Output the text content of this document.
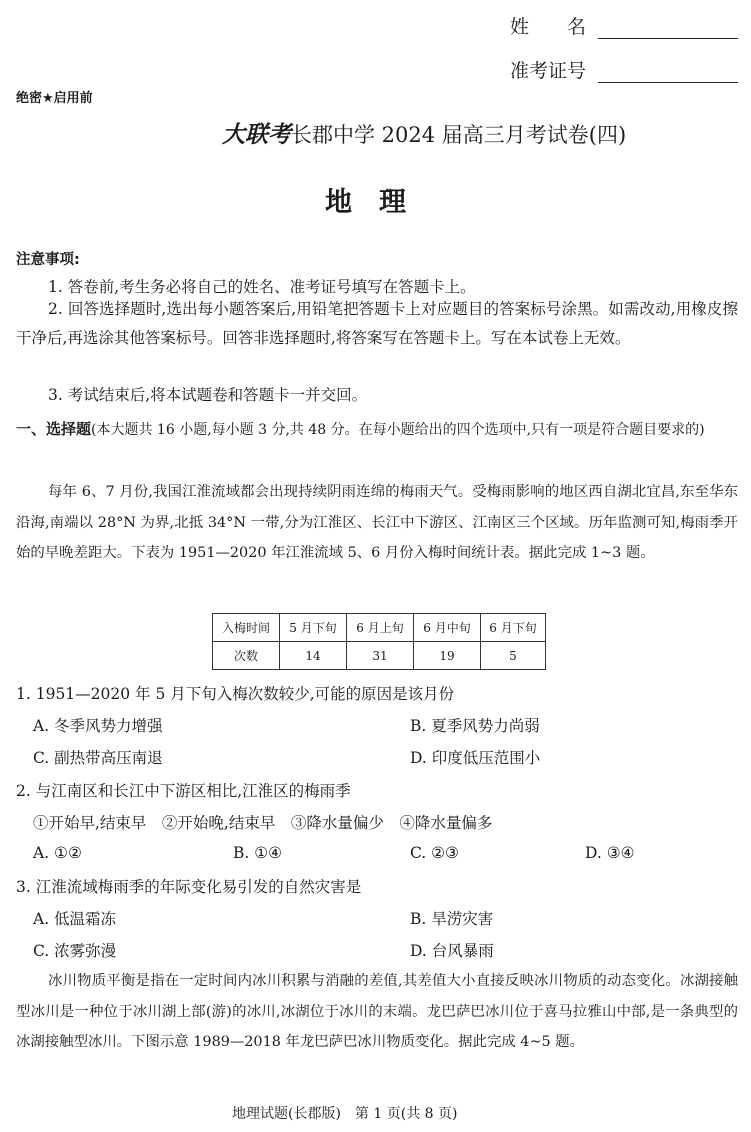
姓　　名
准考证号
绝密★启用前
大联考长郡中学 2024 届高三月考试卷(四)
地　理
注意事项:
1. 答卷前,考生务必将自己的姓名、准考证号填写在答题卡上。
2. 回答选择题时,选出每小题答案后,用铅笔把答题卡上对应题目的答案标号涂黑。如需改动,用橡皮擦干净后,再选涂其他答案标号。回答非选择题时,将答案写在答题卡上。写在本试卷上无效。
3. 考试结束后,将本试题卷和答题卡一并交回。
一、选择题(本大题共 16 小题,每小题 3 分,共 48 分。在每小题给出的四个选项中,只有一项是符合题目要求的)
每年 6、7 月份,我国江淮流域都会出现持续阴雨连绵的梅雨天气。受梅雨影响的地区西自湖北宜昌,东至华东沿海,南端以 28°N 为界,北抵 34°N 一带,分为江淮区、长江中下游区、江南区三个区域。历年监测可知,梅雨季开始的早晚差距大。下表为 1951—2020 年江淮流域 5、6 月份入梅时间统计表。据此完成 1~3 题。
入梅时间	5 月下旬	6 月上旬	6 月中旬	6 月下旬
次数	14	31	19	5
1. 1951—2020 年 5 月下旬入梅次数较少,可能的原因是该月份
A. 冬季风势力增强	B. 夏季风势力尚弱
C. 副热带高压南退	D. 印度低压范围小
2. 与江南区和长江中下游区相比,江淮区的梅雨季
①开始早,结束早　②开始晚,结束早　③降水量偏少　④降水量偏多
A. ①②	B. ①④	C. ②③	D. ③④
3. 江淮流域梅雨季的年际变化易引发的自然灾害是
A. 低温霜冻	B. 旱涝灾害
C. 浓雾弥漫	D. 台风暴雨
冰川物质平衡是指在一定时间内冰川积累与消融的差值,其差值大小直接反映冰川物质的动态变化。冰湖接触型冰川是一种位于冰川湖上部(游)的冰川,冰湖位于冰川的末端。龙巴萨巴冰川位于喜马拉雅山中部,是一条典型的冰湖接触型冰川。下图示意 1989—2018 年龙巴萨巴冰川物质变化。据此完成 4~5 题。
地理试题(长郡版)　第 1 页(共 8 页)
